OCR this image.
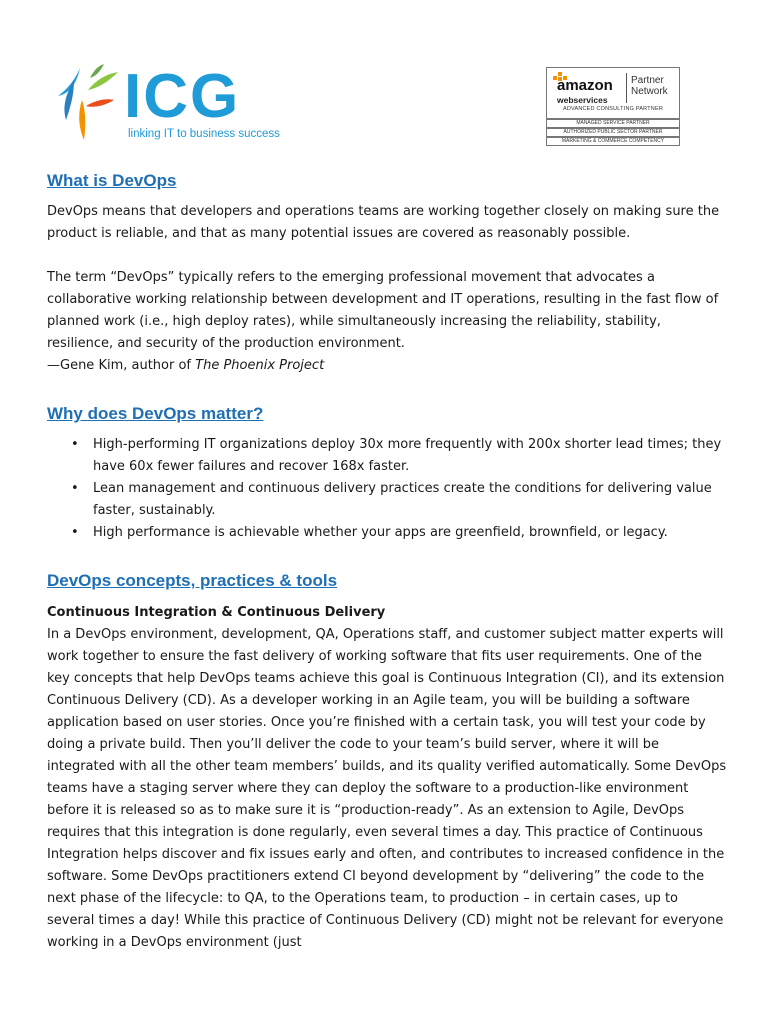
ICG
linking IT to business success
amazon
webservices
Partner
Network
ADVANCED CONSULTING PARTNER
MANAGED SERVICE PARTNER
AUTHORIZED PUBLIC SECTOR PARTNER
MARKETING & COMMERCE COMPETENCY
What is DevOps

DevOps means that developers and operations teams are working together closely on making sure the product is reliable, and that as many potential issues are covered as reasonably possible.

The term “DevOps” typically refers to the emerging professional movement that advocates a collaborative working relationship between development and IT operations, resulting in the fast flow of planned work (i.e., high deploy rates), while simultaneously increasing the reliability, stability, resilience, and security of the production environment.

—Gene Kim, author of The Phoenix Project

Why does DevOps matter?
• High-performing IT organizations deploy 30x more frequently with 200x shorter lead times; they have 60x fewer failures and recover 168x faster.
• Lean management and continuous delivery practices create the conditions for delivering value faster, sustainably.
• High performance is achievable whether your apps are greenfield, brownfield, or legacy.
DevOps concepts, practices & tools

Continuous Integration & Continuous Delivery

In a DevOps environment, development, QA, Operations staff, and customer subject matter experts will work together to ensure the fast delivery of working software that fits user requirements. One of the key concepts that help DevOps teams achieve this goal is Continuous Integration (CI), and its extension Continuous Delivery (CD). As a developer working in an Agile team, you will be building a software application based on user stories. Once you’re finished with a certain task, you will test your code by doing a private build. Then you’ll deliver the code to your team’s build server, where it will be integrated with all the other team members’ builds, and its quality verified automatically. Some DevOps teams have a staging server where they can deploy the software to a production-like environment before it is released so as to make sure it is “production-ready”. As an extension to Agile, DevOps requires that this integration is done regularly, even several times a day. This practice of Continuous Integration helps discover and fix issues early and often, and contributes to increased confidence in the software. Some DevOps practitioners extend CI beyond development by “delivering” the code to the next phase of the lifecycle: to QA, to the Operations team, to production – in certain cases, up to several times a day! While this practice of Continuous Delivery (CD) might not be relevant for everyone working in a DevOps environment (just
